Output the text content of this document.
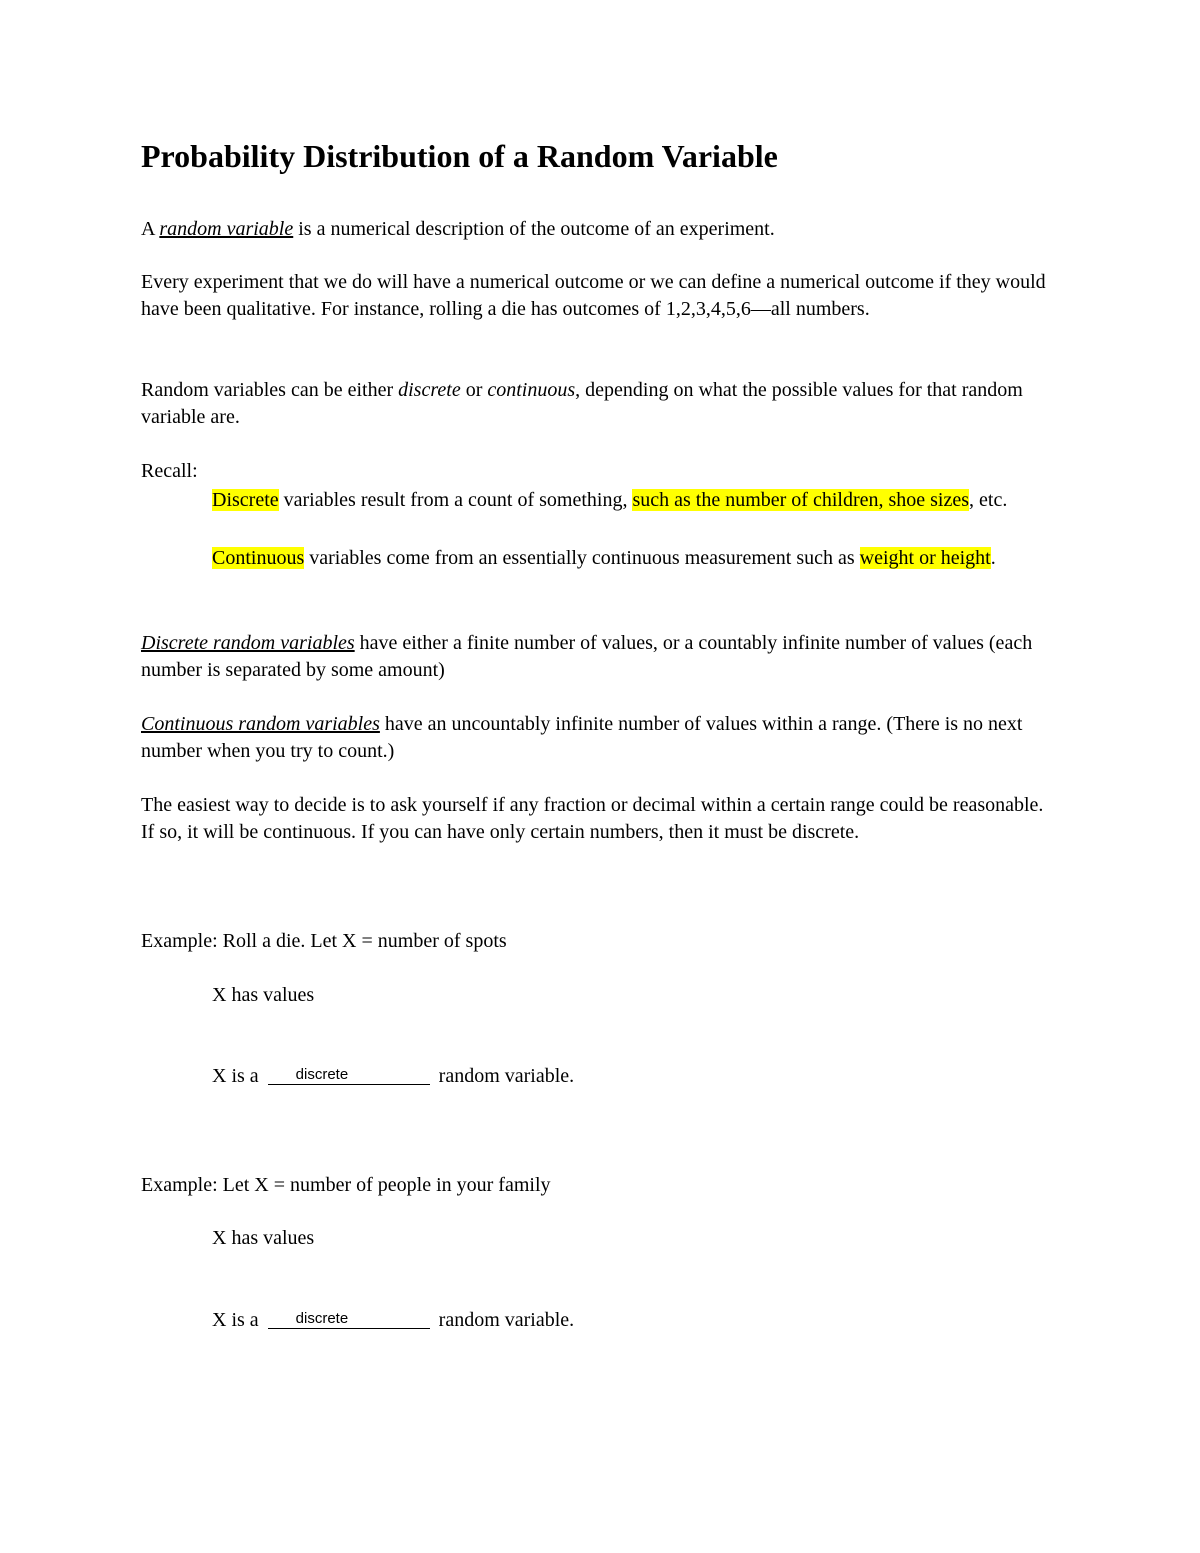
Probability Distribution of a Random Variable
A random variable is a numerical description of the outcome of an experiment.
Every experiment that we do will have a numerical outcome or we can define a numerical outcome if they would have been qualitative. For instance, rolling a die has outcomes of 1,2,3,4,5,6—all numbers.
Random variables can be either discrete or continuous, depending on what the possible values for that random variable are.
Recall:
Discrete variables result from a count of something, such as the number of children, shoe sizes, etc.
Continuous variables come from an essentially continuous measurement such as weight or height.
Discrete random variables have either a finite number of values, or a countably infinite number of values (each number is separated by some amount)
Continuous random variables have an uncountably infinite number of values within a range. (There is no next number when you try to count.)
The easiest way to decide is to ask yourself if any fraction or decimal within a certain range could be reasonable. If so, it will be continuous. If you can have only certain numbers, then it must be discrete.
Example: Roll a die. Let X = number of spots
X has values
X is a discrete	random variable.
Example: Let X = number of people in your family
X has values
X is a discrete	random variable.
